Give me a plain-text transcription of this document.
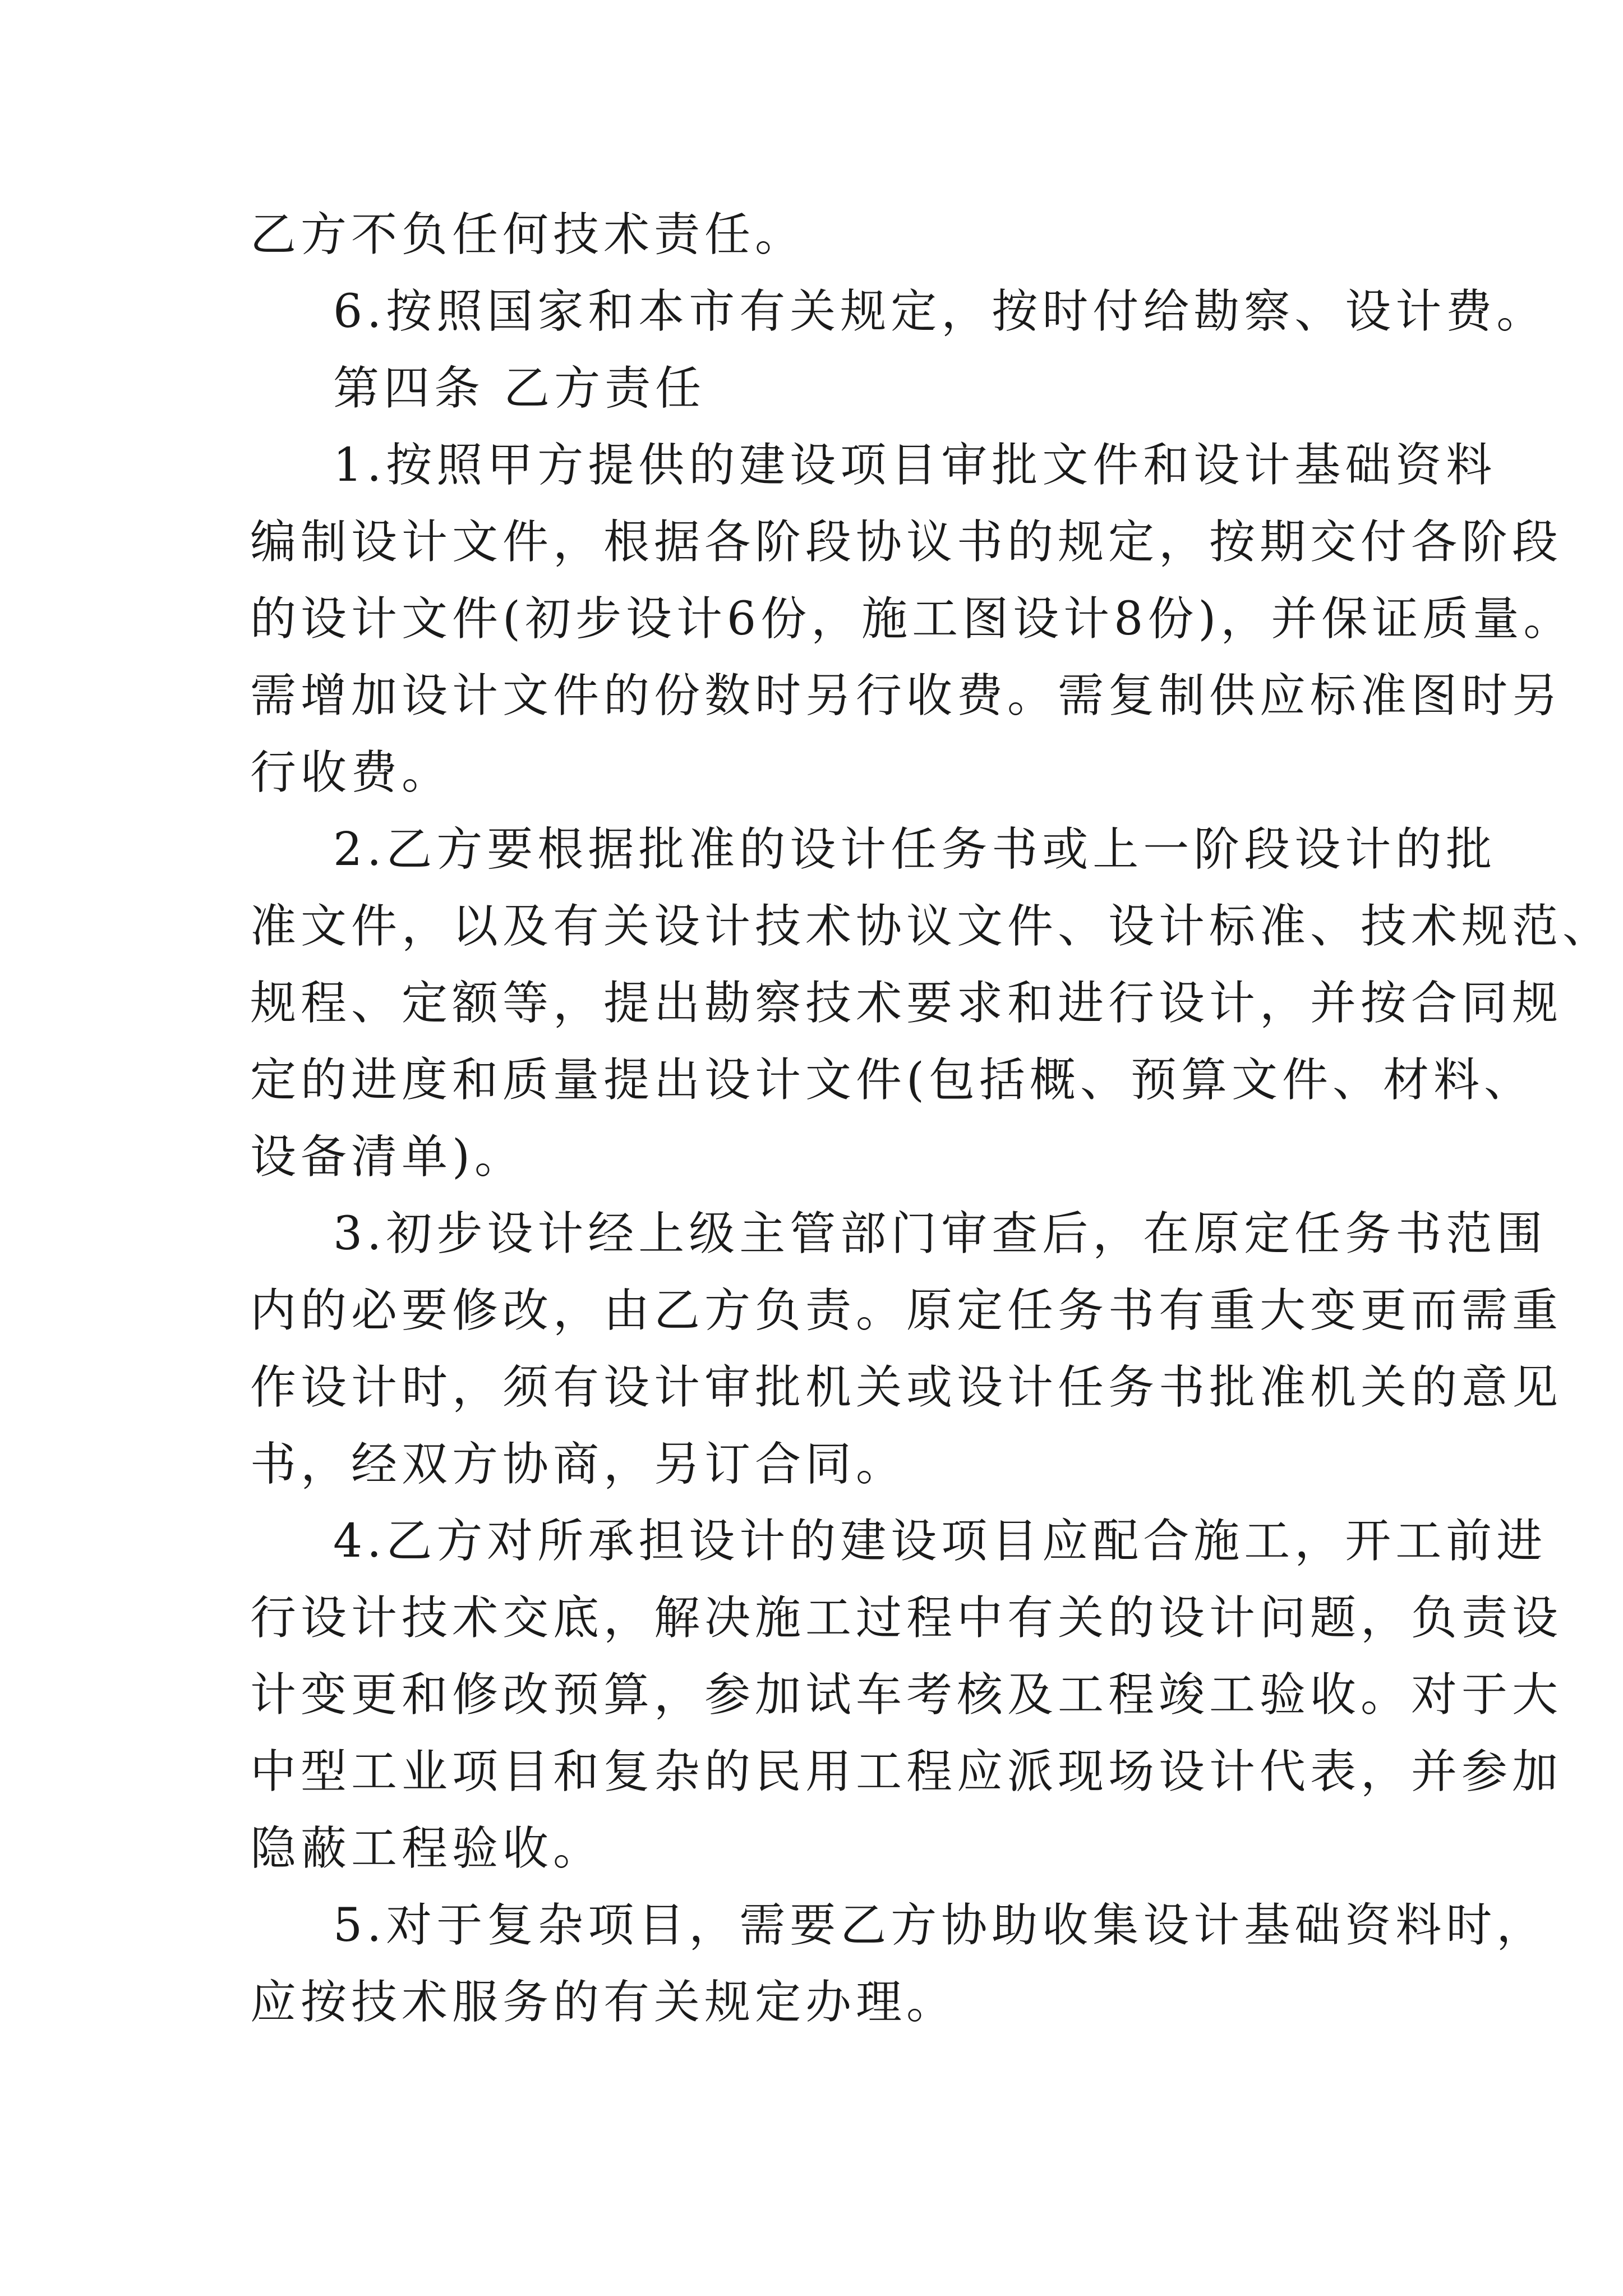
乙方不负任何技术责任。
6.按照国家和本市有关规定，按时付给勘察、设计费。
第四条 乙方责任
1.按照甲方提供的建设项目审批文件和设计基础资料
编制设计文件，根据各阶段协议书的规定，按期交付各阶段
的设计文件(初步设计6份，施工图设计8份)，并保证质量。
需增加设计文件的份数时另行收费。需复制供应标准图时另
行收费。
2.乙方要根据批准的设计任务书或上一阶段设计的批
准文件，以及有关设计技术协议文件、设计标准、技术规范、
规程、定额等，提出勘察技术要求和进行设计，并按合同规
定的进度和质量提出设计文件(包括概、预算文件、材料、
设备清单)。
3.初步设计经上级主管部门审查后，在原定任务书范围
内的必要修改，由乙方负责。原定任务书有重大变更而需重
作设计时，须有设计审批机关或设计任务书批准机关的意见
书，经双方协商，另订合同。
4.乙方对所承担设计的建设项目应配合施工，开工前进
行设计技术交底，解决施工过程中有关的设计问题，负责设
计变更和修改预算，参加试车考核及工程竣工验收。对于大
中型工业项目和复杂的民用工程应派现场设计代表，并参加
隐蔽工程验收。
5.对于复杂项目，需要乙方协助收集设计基础资料时，
应按技术服务的有关规定办理。
